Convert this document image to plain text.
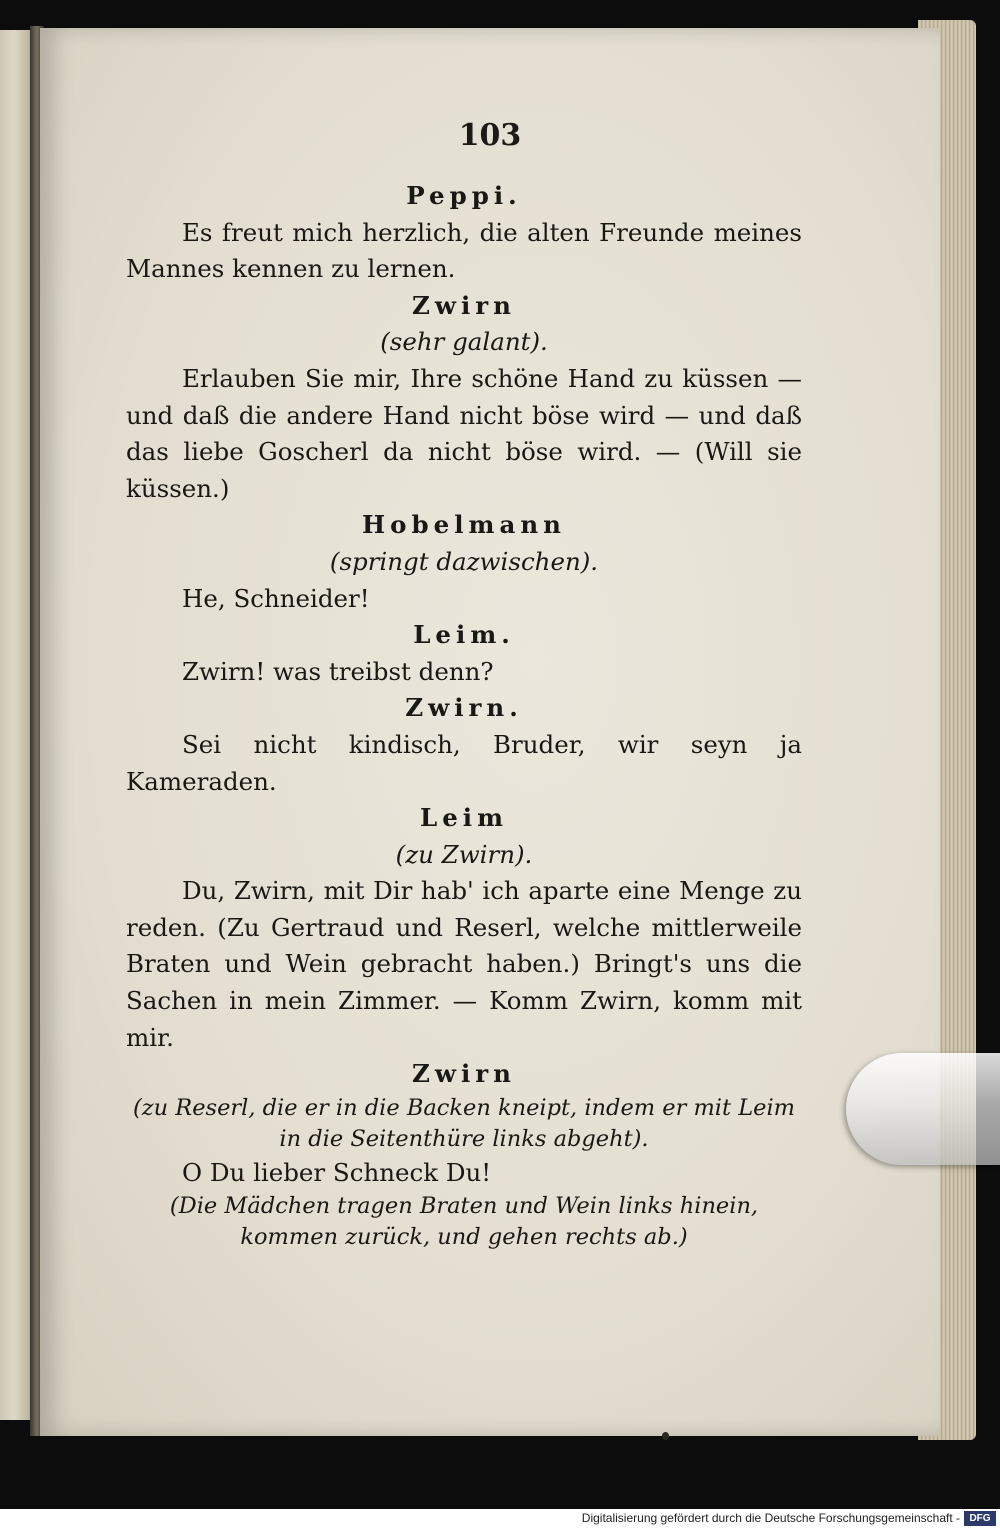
103
Peppi.
Es freut mich herzlich, die alten Freunde meines Mannes kennen zu lernen.
Zwirn
(sehr galant).
Erlauben Sie mir, Ihre schöne Hand zu küssen — und daß die andere Hand nicht böse wird — und daß das liebe Goscherl da nicht böse wird. — (Will sie küssen.)
Hobelmann
(springt dazwischen).
He, Schneider!
Leim.
Zwirn! was treibst denn?
Zwirn.
Sei nicht kindisch, Bruder, wir seyn ja Kameraden.
Leim
(zu Zwirn).
Du, Zwirn, mit Dir hab' ich aparte eine Menge zu reden. (Zu Gertraud und Reserl, welche mittlerweile Braten und Wein gebracht haben.) Bringt's uns die Sachen in mein Zimmer. — Komm Zwirn, komm mit mir.
Zwirn
(zu Reserl, die er in die Backen kneipt, indem er mit Leim in die Seitenthüre links abgeht).
O Du lieber Schneck Du!
(Die Mädchen tragen Braten und Wein links hinein, kommen zurück, und gehen rechts ab.)
Digitalisierung gefördert durch die Deutsche Forschungsgemeinschaft - DFG
